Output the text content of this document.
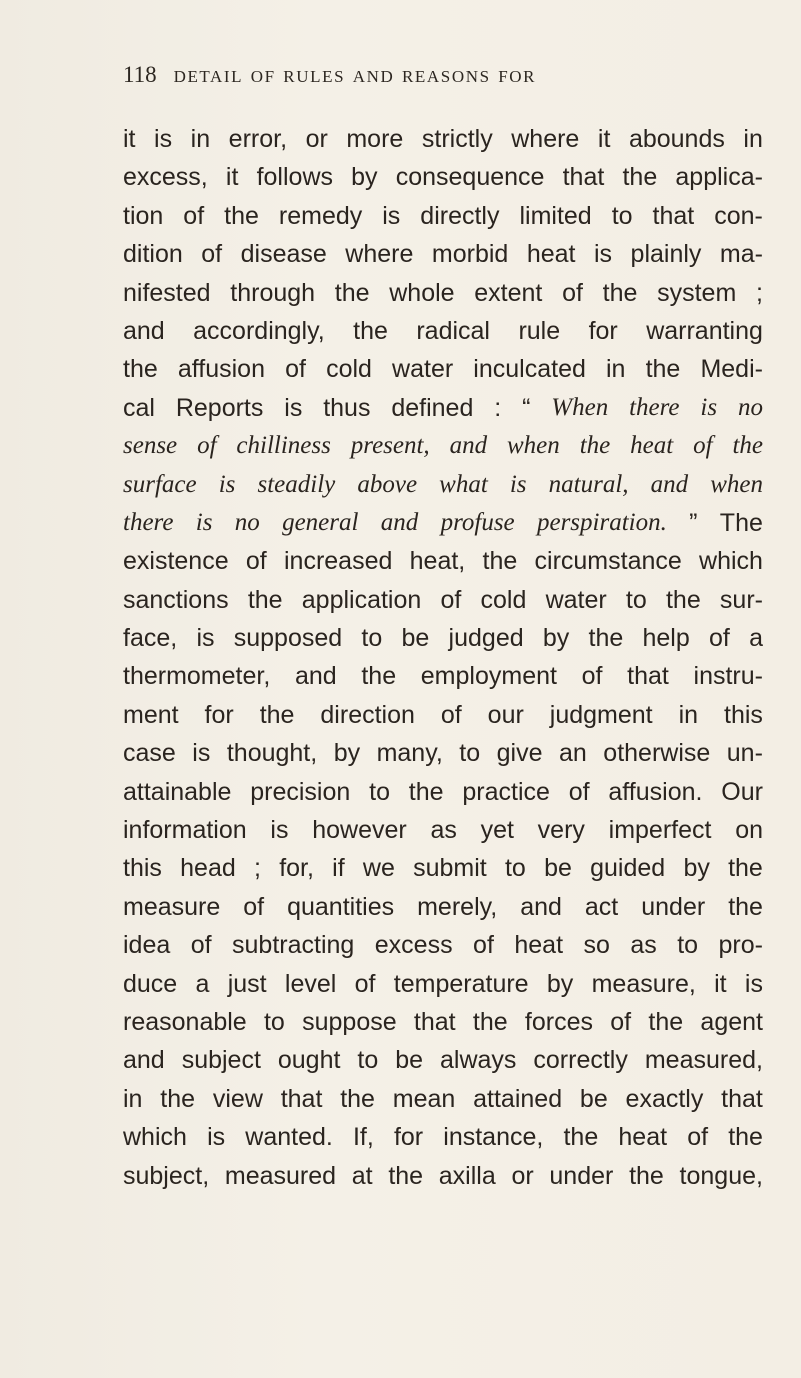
118 detail of rules and reasons for
it is in error, or more strictly where it abounds in
excess, it follows by consequence that the applica-
tion of the remedy is directly limited to that con-
dition of disease where morbid heat is plainly ma-
nifested through the whole extent of the system ;
and accordingly, the radical rule for warranting
the affusion of cold water inculcated in the Medi-
cal Reports is thus defined : “ When there is no
sense of chilliness present, and when the heat of the
surface is steadily above what is natural, and when
there is no general and profuse perspiration. ” The
existence of increased heat, the circumstance which
sanctions the application of cold water to the sur-
face, is supposed to be judged by the help of a
thermometer, and the employment of that instru-
ment for the direction of our judgment in this
case is thought, by many, to give an otherwise un-
attainable precision to the practice of affusion. Our
information is however as yet very imperfect on
this head ; for, if we submit to be guided by the
measure of quantities merely, and act under the
idea of subtracting excess of heat so as to pro-
duce a just level of temperature by measure, it is
reasonable to suppose that the forces of the agent
and subject ought to be always correctly measured,
in the view that the mean attained be exactly that
which is wanted. If, for instance, the heat of the
subject, measured at the axilla or under the tongue,
